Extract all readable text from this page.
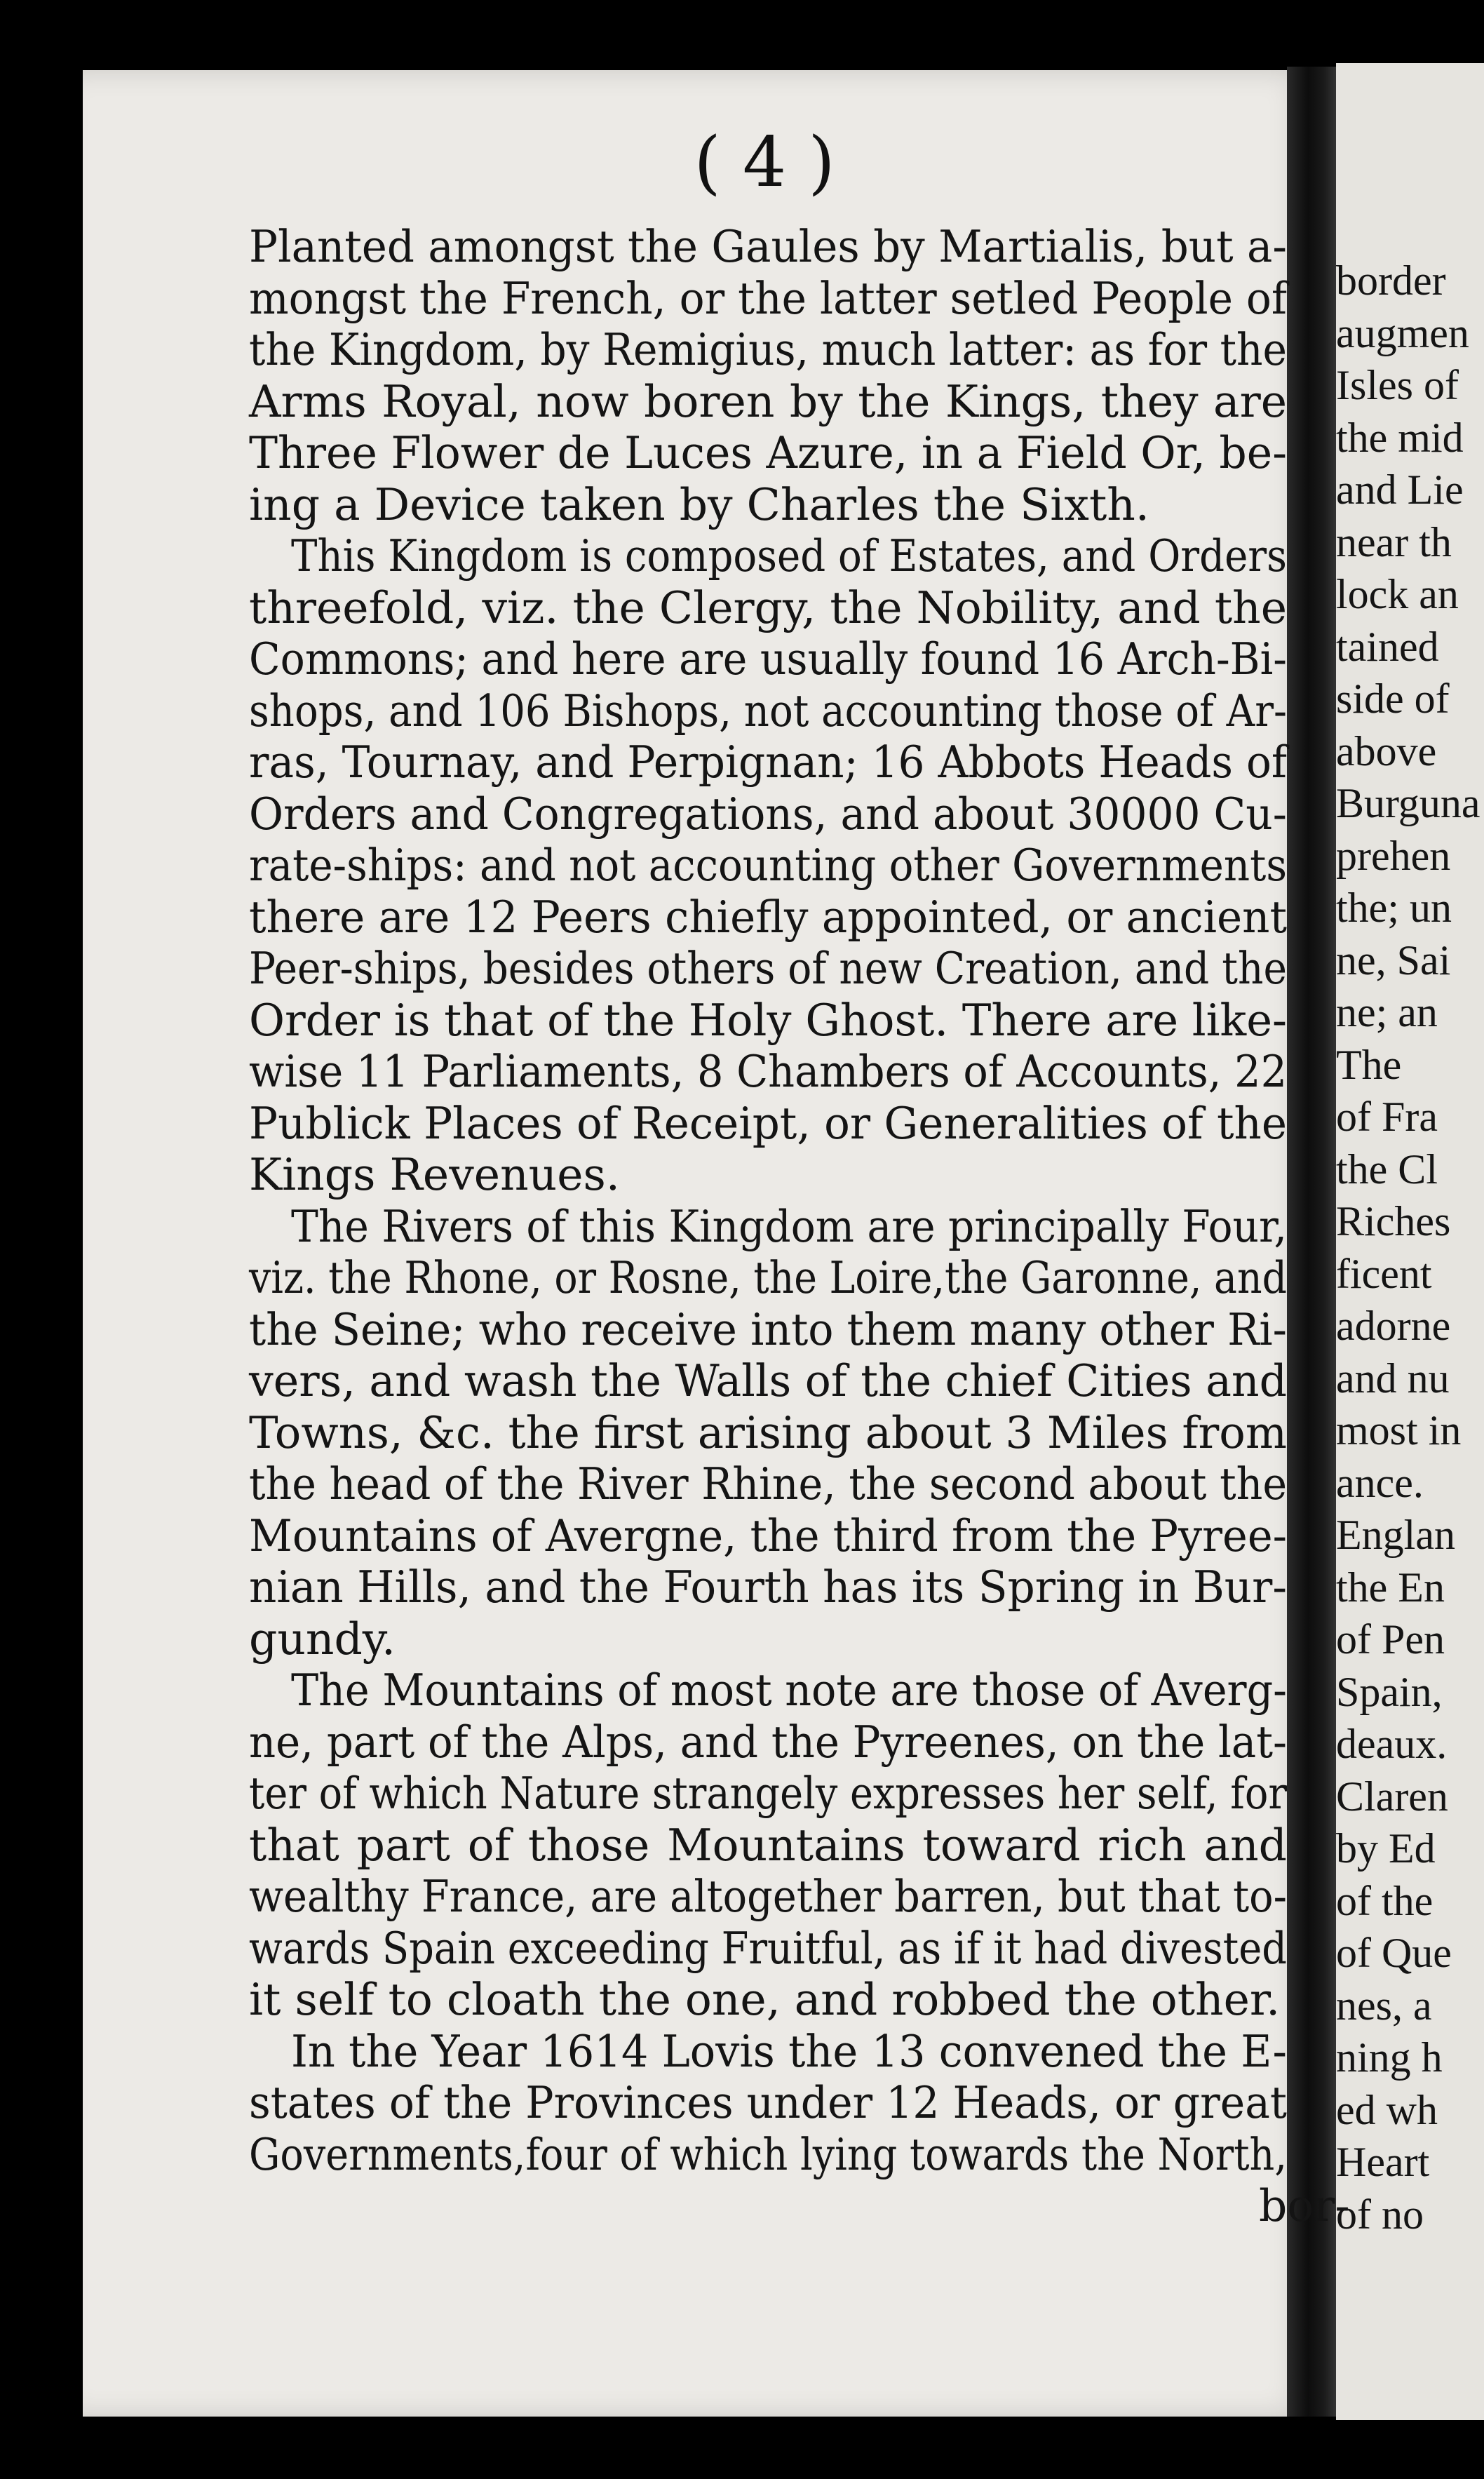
( 4 )
Planted amongst the Gaules by Martialis, but a-
mongst the French, or the latter setled People of
the Kingdom, by Remigius, much latter: as for the
Arms Royal, now boren by the Kings, they are
Three Flower de Luces Azure, in a Field Or, be-
ing a Device taken by Charles the Sixth.
This Kingdom is composed of Estates, and Orders
threefold, viz. the Clergy, the Nobility, and the
Commons; and here are usually found 16 Arch-Bi-
shops, and 106 Bishops, not accounting those of Ar-
ras, Tournay, and Perpignan; 16 Abbots Heads of
Orders and Congregations, and about 30000 Cu-
rate-ships: and not accounting other Governments
there are 12 Peers chiefly appointed, or ancient
Peer-ships, besides others of new Creation, and the
Order is that of the Holy Ghost. There are like-
wise 11 Parliaments, 8 Chambers of Accounts, 22
Publick Places of Receipt, or Generalities of the
Kings Revenues.
The Rivers of this Kingdom are principally Four,
viz. the Rhone, or Rosne, the Loire,the Garonne, and
the Seine; who receive into them many other Ri-
vers, and wash the Walls of the chief Cities and
Towns, &c. the first arising about 3 Miles from
the head of the River Rhine, the second about the
Mountains of Avergne, the third from the Pyree-
nian Hills, and the Fourth has its Spring in Bur-
gundy.
The Mountains of most note are those of Averg-
ne, part of the Alps, and the Pyreenes, on the lat-
ter of which Nature strangely expresses her self, for
that part of those Mountains toward rich and
wealthy France, are altogether barren, but that to-
wards Spain exceeding Fruitful, as if it had divested
it self to cloath the one, and robbed the other.
In the Year 1614 Lovis the 13 convened the E-
states of the Provinces under 12 Heads, or great
Governments,four of which lying towards the North,
bor-
border
augmen
Isles of
the mid
and Lie
near th
lock an
tained
side of
above
Burguna
prehen
the; un
ne, Sai
ne; an
The
of Fra
the Cl
Riches
ficent
adorne
and nu
most in
ance.
Englan
the En
of Pen
Spain,
deaux.
Claren
by Ed
of the
of Que
nes, a
ning h
ed wh
Heart
of no
